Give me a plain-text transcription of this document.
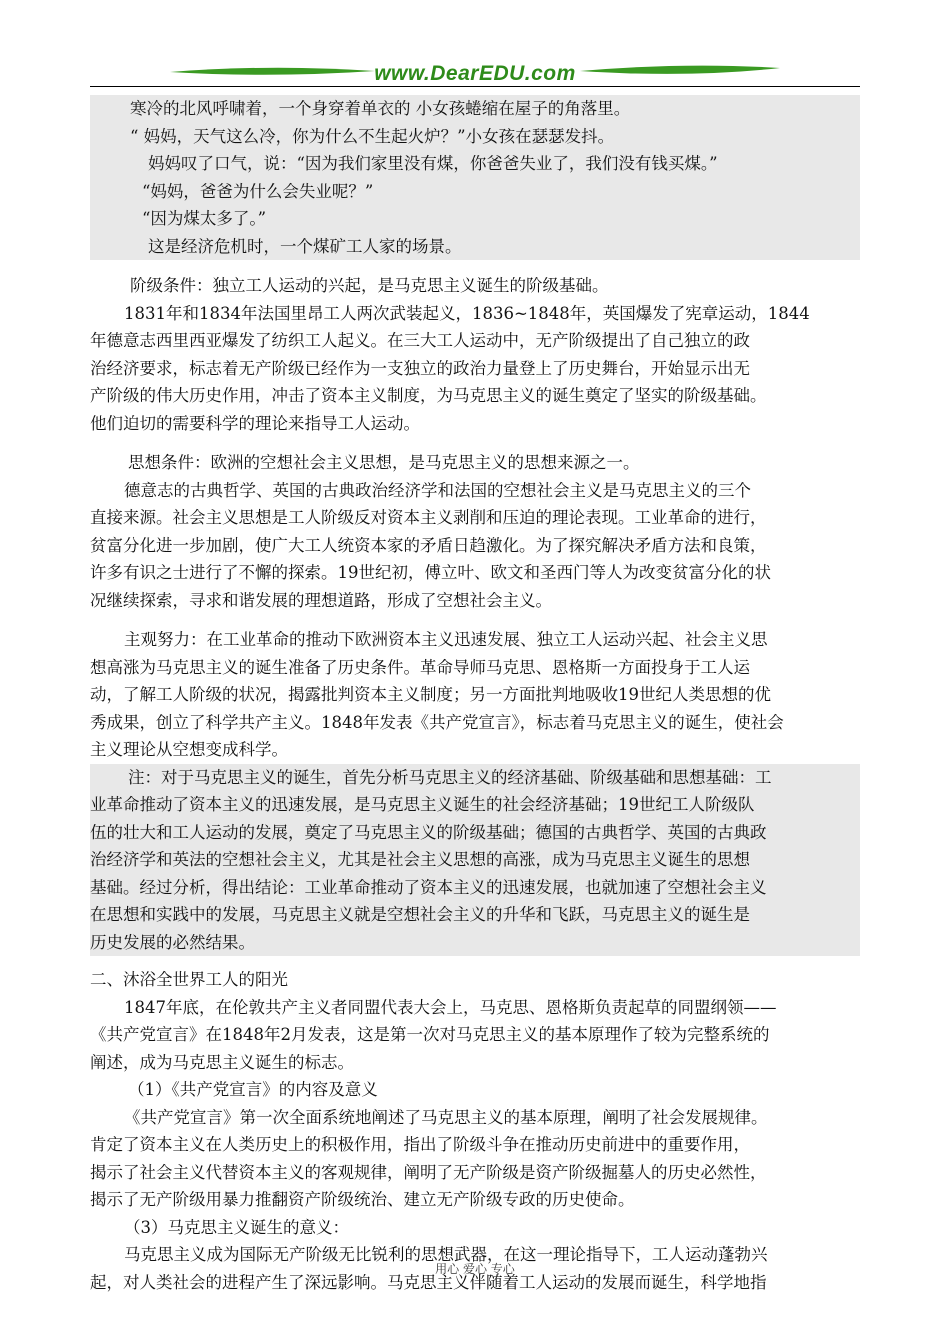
www.DearEDU.com
寒冷的北风呼啸着，一个身穿着单衣的 小女孩蜷缩在屋子的角落里。
“ 妈妈，天气这么冷，你为什么不生起火炉？”小女孩在瑟瑟发抖。
妈妈叹了口气，说：“因为我们家里没有煤，你爸爸失业了，我们没有钱买煤。”
“妈妈，爸爸为什么会失业呢？”
“因为煤太多了。”
这是经济危机时，一个煤矿工人家的场景。
阶级条件：独立工人运动的兴起，是马克思主义诞生的阶级基础。
1831年和1834年法国里昂工人两次武装起义，1836~1848年，英国爆发了宪章运动，1844
年德意志西里西亚爆发了纺织工人起义。在三大工人运动中，无产阶级提出了自己独立的政
治经济要求，标志着无产阶级已经作为一支独立的政治力量登上了历史舞台，开始显示出无
产阶级的伟大历史作用，冲击了资本主义制度，为马克思主义的诞生奠定了坚实的阶级基础。
他们迫切的需要科学的理论来指导工人运动。
思想条件：欧洲的空想社会主义思想，是马克思主义的思想来源之一。
德意志的古典哲学、英国的古典政治经济学和法国的空想社会主义是马克思主义的三个
直接来源。社会主义思想是工人阶级反对资本主义剥削和压迫的理论表现。工业革命的进行，
贫富分化进一步加剧，使广大工人统资本家的矛盾日趋激化。为了探究解决矛盾方法和良策，
许多有识之士进行了不懈的探索。19世纪初，傅立叶、欧文和圣西门等人为改变贫富分化的状
况继续探索，寻求和谐发展的理想道路，形成了空想社会主义。
主观努力：在工业革命的推动下欧洲资本主义迅速发展、独立工人运动兴起、社会主义思
想高涨为马克思主义的诞生准备了历史条件。革命导师马克思、恩格斯一方面投身于工人运
动，了解工人阶级的状况，揭露批判资本主义制度；另一方面批判地吸收19世纪人类思想的优
秀成果，创立了科学共产主义。1848年发表《共产党宣言》，标志着马克思主义的诞生，使社会
主义理论从空想变成科学。
注：对于马克思主义的诞生，首先分析马克思主义的经济基础、阶级基础和思想基础：工
业革命推动了资本主义的迅速发展，是马克思主义诞生的社会经济基础；19世纪工人阶级队
伍的壮大和工人运动的发展，奠定了马克思主义的阶级基础；德国的古典哲学、英国的古典政
治经济学和英法的空想社会主义，尤其是社会主义思想的高涨，成为马克思主义诞生的思想
基础。经过分析，得出结论：工业革命推动了资本主义的迅速发展，也就加速了空想社会主义
在思想和实践中的发展，马克思主义就是空想社会主义的升华和飞跃，马克思主义的诞生是
历史发展的必然结果。
二、沐浴全世界工人的阳光
1847年底，在伦敦共产主义者同盟代表大会上，马克思、恩格斯负责起草的同盟纲领——
《共产党宣言》在1848年2月发表，这是第一次对马克思主义的基本原理作了较为完整系统的
阐述，成为马克思主义诞生的标志。
（1）《共产党宣言》的内容及意义
《共产党宣言》第一次全面系统地阐述了马克思主义的基本原理，阐明了社会发展规律。
肯定了资本主义在人类历史上的积极作用，指出了阶级斗争在推动历史前进中的重要作用，
揭示了社会主义代替资本主义的客观规律，阐明了无产阶级是资产阶级掘墓人的历史必然性，
揭示了无产阶级用暴力推翻资产阶级统治、建立无产阶级专政的历史使命。
（3）马克思主义诞生的意义：
马克思主义成为国际无产阶级无比锐利的思想武器，在这一理论指导下，工人运动蓬勃兴
起，对人类社会的进程产生了深远影响。马克思主义伴随着工人运动的发展而诞生，科学地指
用心 爱心 专心
